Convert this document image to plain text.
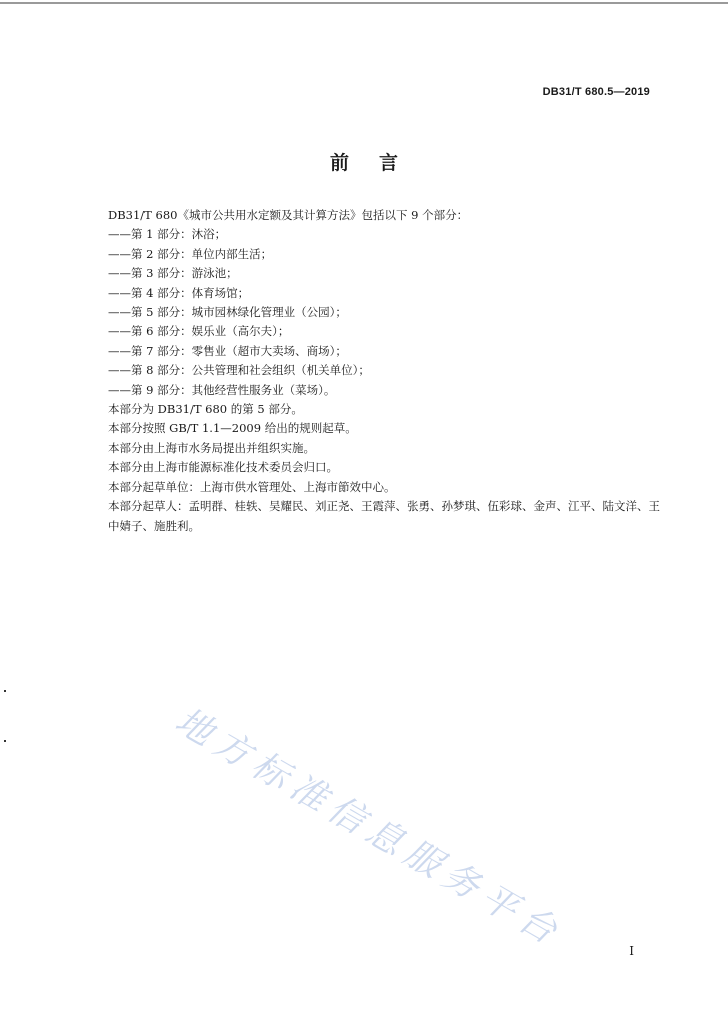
DB31/T 680.5—2019
前言
DB31/T 680《城市公共用水定额及其计算方法》包括以下 9 个部分：
——第 1 部分：沐浴；
——第 2 部分：单位内部生活；
——第 3 部分：游泳池；
——第 4 部分：体育场馆；
——第 5 部分：城市园林绿化管理业（公园）；
——第 6 部分：娱乐业（高尔夫）；
——第 7 部分：零售业（超市大卖场、商场）；
——第 8 部分：公共管理和社会组织（机关单位）；
——第 9 部分：其他经营性服务业（菜场）。
本部分为 DB31/T 680 的第 5 部分。
本部分按照 GB/T 1.1—2009 给出的规则起草。
本部分由上海市水务局提出并组织实施。
本部分由上海市能源标准化技术委员会归口。
本部分起草单位：上海市供水管理处、上海市節效中心。
本部分起草人：孟明群、桂轶、吴耀民、刘正尧、王霞萍、张勇、孙梦琪、伍彩球、金声、江平、陆文洋、王中婧子、施胜利。
地方标准信息服务平台	I
